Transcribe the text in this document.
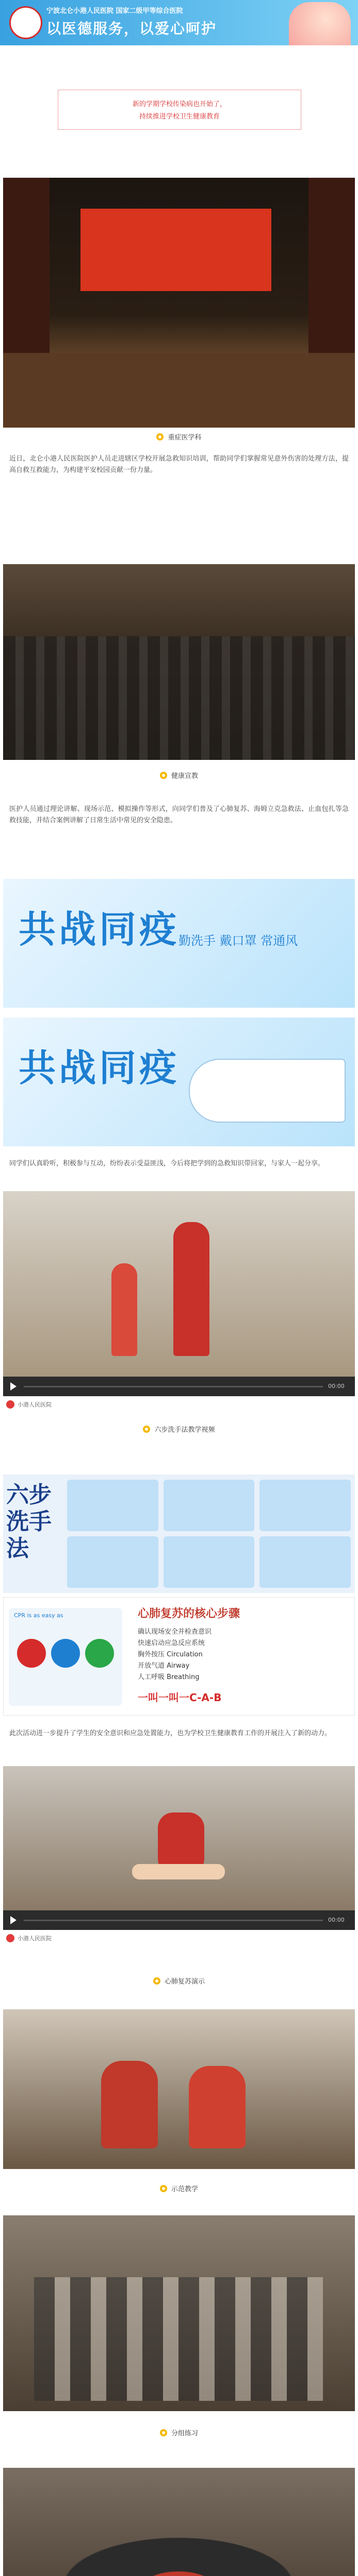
宁波北仑小港人民医院 国家二级甲等综合医院
以医德服务，以爱心呵护
新的学期学校传染病也开始了，
持续推进学校卫生健康教育
重症医学科
近日，北仑小港人民医院医护人员走进辖区学校开展急救知识培训，帮助同学们掌握常见意外伤害的处理方法，提高自救互救能力，为构建平安校园贡献一份力量。
健康宣教
医护人员通过理论讲解、现场示范、模拟操作等形式，向同学们普及了心肺复苏、海姆立克急救法、止血包扎等急救技能，并结合案例讲解了日常生活中常见的安全隐患。
共战同疫
勤洗手 戴口罩 常通风
共战同疫
同学们认真聆听，积极参与互动，纷纷表示受益匪浅，今后将把学到的急救知识带回家，与家人一起分享。
00:00
小港人民医院
六步洗手法教学视频
六步洗手法
CPR is as easy as	心肺复苏的核心步骤
确认现场安全并检查意识
快速启动应急反应系统
胸外按压 Circulation
开放气道 Airway
人工呼吸 Breathing
一叫一叫一C-A-B
此次活动进一步提升了学生的安全意识和应急处置能力，也为学校卫生健康教育工作的开展注入了新的动力。
00:00
小港人民医院
心肺复苏演示
示范教学
分组练习
